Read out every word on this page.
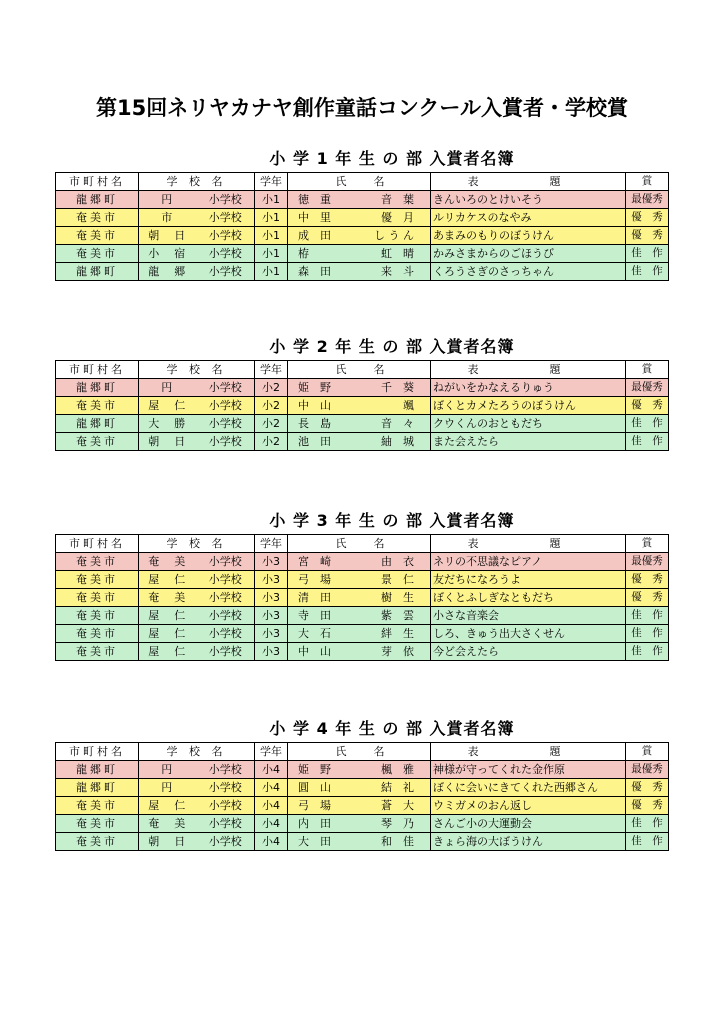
第15回ネリヤカナヤ創作童話コンクール入賞者・学校賞
小 学 1 年 生 の 部 入賞者名簿
市町村名	学 校 名		学年	氏　名	表　題	賞
龍郷町	円	小学校	小1	徳　重 音　葉	きんいろのとけいそう	最優秀
奄美市	市	小学校	小1	中　里 優　月	ルリカケスのなやみ	優　秀
奄美市	朝　日	小学校	小1	成　田 し う ん	あまみのもりのぼうけん	優　秀
奄美市	小　宿	小学校	小1	栫 虹　晴	かみさまからのごほうび	佳　作
龍郷町	龍　郷	小学校	小1	森　田 来　斗	くろうさぎのさっちゃん	佳　作
小 学 2 年 生 の 部 入賞者名簿
市町村名	学 校 名		学年	氏　名	表　題	賞
龍郷町	円	小学校	小2	姫　野 千　葵	ねがいをかなえるりゅう	最優秀
奄美市	屋　仁	小学校	小2	中　山 颯	ぼくとカメたろうのぼうけん	優　秀
龍郷町	大　勝	小学校	小2	長　島 音　々	クウくんのおともだち	佳　作
奄美市	朝　日	小学校	小2	池　田 紬　城	また会えたら	佳　作
小 学 3 年 生 の 部 入賞者名簿
市町村名	学 校 名		学年	氏　名	表　題	賞
奄美市	奄　美	小学校	小3	宮　崎 由　衣	ネリの不思議なピアノ	最優秀
奄美市	屋　仁	小学校	小3	弓　場 景　仁	友だちになろうよ	優　秀
奄美市	奄　美	小学校	小3	清　田 樹　生	ぼくとふしぎなともだち	優　秀
奄美市	屋　仁	小学校	小3	寺　田 紫　雲	小さな音楽会	佳　作
奄美市	屋　仁	小学校	小3	大　石 絆　生	しろ、きゅう出大さくせん	佳　作
奄美市	屋　仁	小学校	小3	中　山 芽　依	今ど会えたら	佳　作
小 学 4 年 生 の 部 入賞者名簿
市町村名	学 校 名		学年	氏　名	表　題	賞
龍郷町	円	小学校	小4	姫　野 楓　雅	神様が守ってくれた金作原	最優秀
龍郷町	円	小学校	小4	圓　山 結　礼	ぼくに会いにきてくれた西郷さん	優　秀
奄美市	屋　仁	小学校	小4	弓　場 蒼　大	ウミガメのおん返し	優　秀
奄美市	奄　美	小学校	小4	内　田 琴　乃	さんご小の大運動会	佳　作
奄美市	朝　日	小学校	小4	大　田 和　佳	きょら海の大ぼうけん	佳　作
